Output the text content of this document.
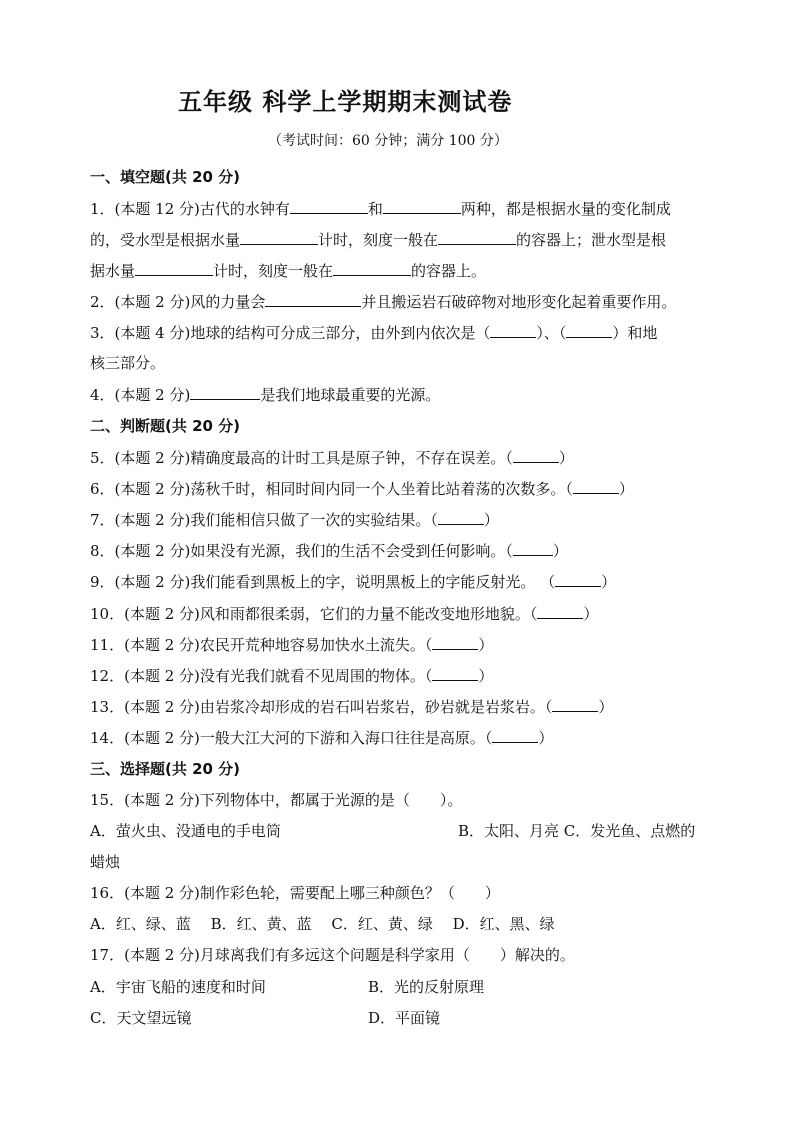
五年级 科学上学期期末测试卷
（考试时间：60 分钟；满分 100 分）
一、填空题(共 20 分)
1．(本题 12 分)古代的水钟有	和	两种，都是根据水量的变化制成
的，受水型是根据水量	计时，刻度一般在	的容器上；泄水型是根
据水量	计时，刻度一般在	的容器上。
2．(本题 2 分)风的力量会	并且搬运岩石破碎物对地形变化起着重要作用。
3．(本题 4 分)地球的结构可分成三部分，由外到内依次是（	）、（	）和地
核三部分。
4．(本题 2 分)	是我们地球最重要的光源。
二、判断题(共 20 分)
5．(本题 2 分)精确度最高的计时工具是原子钟，不存在误差。（	）
6．(本题 2 分)荡秋千时，相同时间内同一个人坐着比站着荡的次数多。（	）
7．(本题 2 分)我们能相信只做了一次的实验结果。（	）
8．(本题 2 分)如果没有光源，我们的生活不会受到任何影响。（	）
9．(本题 2 分)我们能看到黑板上的字，说明黑板上的字能反射光。 （	）
10．(本题 2 分)风和雨都很柔弱，它们的力量不能改变地形地貌。（	）
11．(本题 2 分)农民开荒种地容易加快水土流失。（	）
12．(本题 2 分)没有光我们就看不见周围的物体。（	）
13．(本题 2 分)由岩浆冷却形成的岩石叫岩浆岩，砂岩就是岩浆岩。（	）
14．(本题 2 分)一般大江大河的下游和入海口往往是高原。（	）
三、选择题(共 20 分)
15．(本题 2 分)下列物体中，都属于光源的是（　　）。
A．萤火虫、没通电的手电筒	B．太阳、月亮 C．发光鱼、点燃的
蜡烛
16．(本题 2 分)制作彩色轮，需要配上哪三种颜色？（　　）
A．红、绿、蓝　 B．红、黄、蓝　 C．红、黄、绿　 D．红、黑、绿
17．(本题 2 分)月球离我们有多远这个问题是科学家用（　　）解决的。
A．宇宙飞船的速度和时间	B．光的反射原理
C．天文望远镜	D．平面镜
